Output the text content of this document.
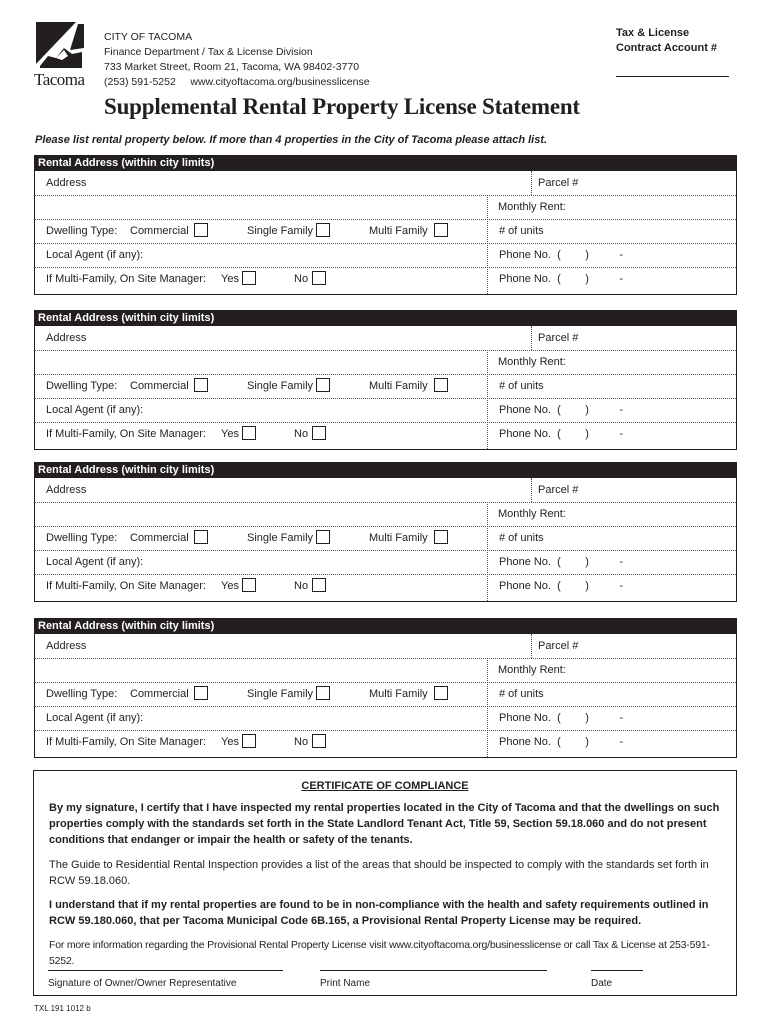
Tacoma
CITY OF TACOMA
Finance Department / Tax & License Division
733 Market Street, Room 21, Tacoma, WA 98402-3770
(253) 591-5252     www.cityoftacoma.org/businesslicense
Tax & License
Contract Account #
Supplemental Rental Property License Statement
Please list rental property below. If more than 4 properties in the City of Tacoma please attach list.
Rental Address (within city limits)
Address	Parcel #
Monthly Rent:
Dwelling Type: Commercial	Single Family	Multi Family	# of units
Local Agent (if any):	Phone No.  (        )          -
If Multi-Family, On Site Manager: Yes	No	Phone No.  (        )          -
Rental Address (within city limits)
Address	Parcel #
Monthly Rent:
Dwelling Type: Commercial	Single Family	Multi Family	# of units
Local Agent (if any):	Phone No.  (        )          -
If Multi-Family, On Site Manager: Yes	No	Phone No.  (        )          -
Rental Address (within city limits)
Address	Parcel #
Monthly Rent:
Dwelling Type: Commercial	Single Family	Multi Family	# of units
Local Agent (if any):	Phone No.  (        )          -
If Multi-Family, On Site Manager: Yes	No	Phone No.  (        )          -
Rental Address (within city limits)
Address	Parcel #
Monthly Rent:
Dwelling Type: Commercial	Single Family	Multi Family	# of units
Local Agent (if any):	Phone No.  (        )          -
If Multi-Family, On Site Manager: Yes	No	Phone No.  (        )          -
CERTIFICATE OF COMPLIANCE
By my signature, I certify that I have inspected my rental properties located in the City of Tacoma and that the dwellings on such properties comply with the standards set forth in the State Landlord Tenant Act, Title 59, Section 59.18.060 and do not present conditions that endanger or impair the health or safety of the tenants.
The Guide to Residential Rental Inspection provides a list of the areas that should be inspected to comply with the standards set forth in RCW 59.18.060.
I understand that if my rental properties are found to be in non-compliance with the health and safety requirements outlined in RCW 59.180.060, that per Tacoma Municipal Code 6B.165, a Provisional Rental Property License may be required.
For more information regarding the Provisional Rental Property License visit www.cityoftacoma.org/businesslicense or call Tax & License at 253-591-5252.
Signature of Owner/Owner Representative	Print Name	Date
TXL 191 1012 b
